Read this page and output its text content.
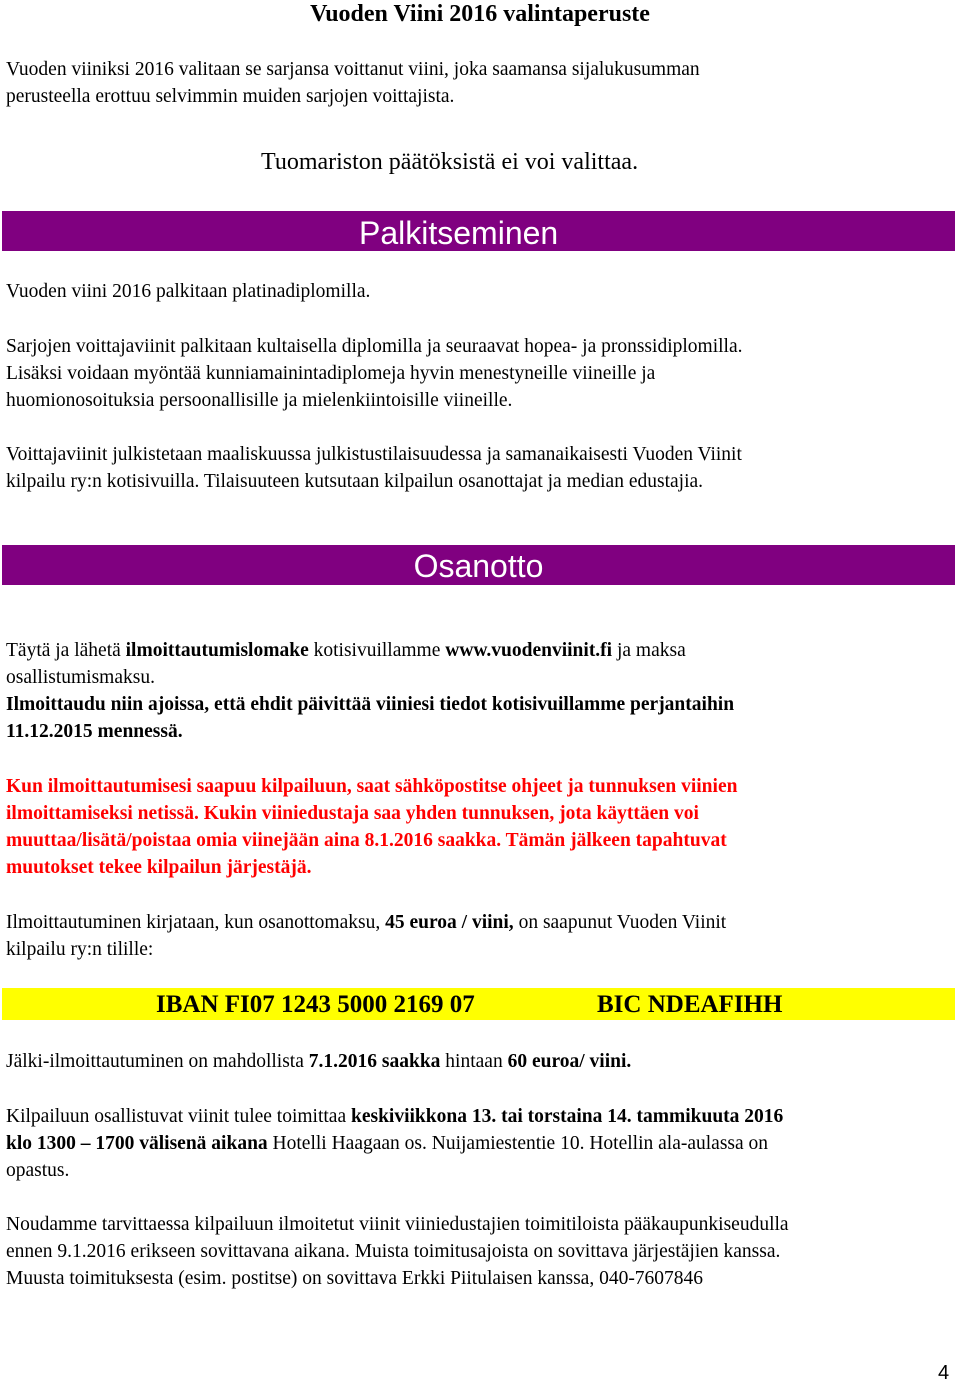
Vuoden Viini 2016 valintaperuste
Vuoden viiniksi 2016 valitaan se sarjansa voittanut viini, joka saamansa sijalukusumman
perusteella erottuu selvimmin muiden sarjojen voittajista.
Tuomariston päätöksistä ei voi valittaa.
Palkitseminen
Vuoden viini 2016 palkitaan platinadiplomilla.
Sarjojen voittajaviinit palkitaan kultaisella diplomilla ja seuraavat hopea- ja pronssidiplomilla.
Lisäksi voidaan myöntää kunniamainintadiplomeja hyvin menestyneille viineille ja
huomionosoituksia persoonallisille ja mielenkiintoisille viineille.
Voittajaviinit julkistetaan maaliskuussa julkistustilaisuudessa ja samanaikaisesti Vuoden Viinit
kilpailu ry:n kotisivuilla. Tilaisuuteen kutsutaan kilpailun osanottajat ja median edustajia.
Osanotto
Täytä ja lähetä ilmoittautumislomake kotisivuillamme www.vuodenviinit.fi ja maksa
osallistumismaksu.
Ilmoittaudu niin ajoissa, että ehdit päivittää viiniesi tiedot kotisivuillamme perjantaihin
11.12.2015 mennessä.
Kun ilmoittautumisesi saapuu kilpailuun, saat sähköpostitse ohjeet ja tunnuksen viinien
ilmoittamiseksi netissä. Kukin viiniedustaja saa yhden tunnuksen, jota käyttäen voi
muuttaa/lisätä/poistaa omia viinejään aina 8.1.2016 saakka. Tämän jälkeen tapahtuvat
muutokset tekee kilpailun järjestäjä.
Ilmoittautuminen kirjataan, kun osanottomaksu, 45 euroa / viini, on saapunut Vuoden Viinit
kilpailu ry:n tilille:
IBAN FI07 1243 5000 2169 07	BIC NDEAFIHH
Jälki-ilmoittautuminen on mahdollista 7.1.2016 saakka hintaan 60 euroa/ viini.
Kilpailuun osallistuvat viinit tulee toimittaa keskiviikkona 13. tai torstaina 14. tammikuuta 2016
klo 1300 – 1700 välisenä aikana Hotelli Haagaan os. Nuijamiestentie 10. Hotellin ala-aulassa on
opastus.
Noudamme tarvittaessa kilpailuun ilmoitetut viinit viiniedustajien toimitiloista pääkaupunkiseudulla
ennen 9.1.2016 erikseen sovittavana aikana. Muista toimitusajoista on sovittava järjestäjien kanssa.
Muusta toimituksesta (esim. postitse) on sovittava Erkki Piitulaisen kanssa, 040-7607846
4
